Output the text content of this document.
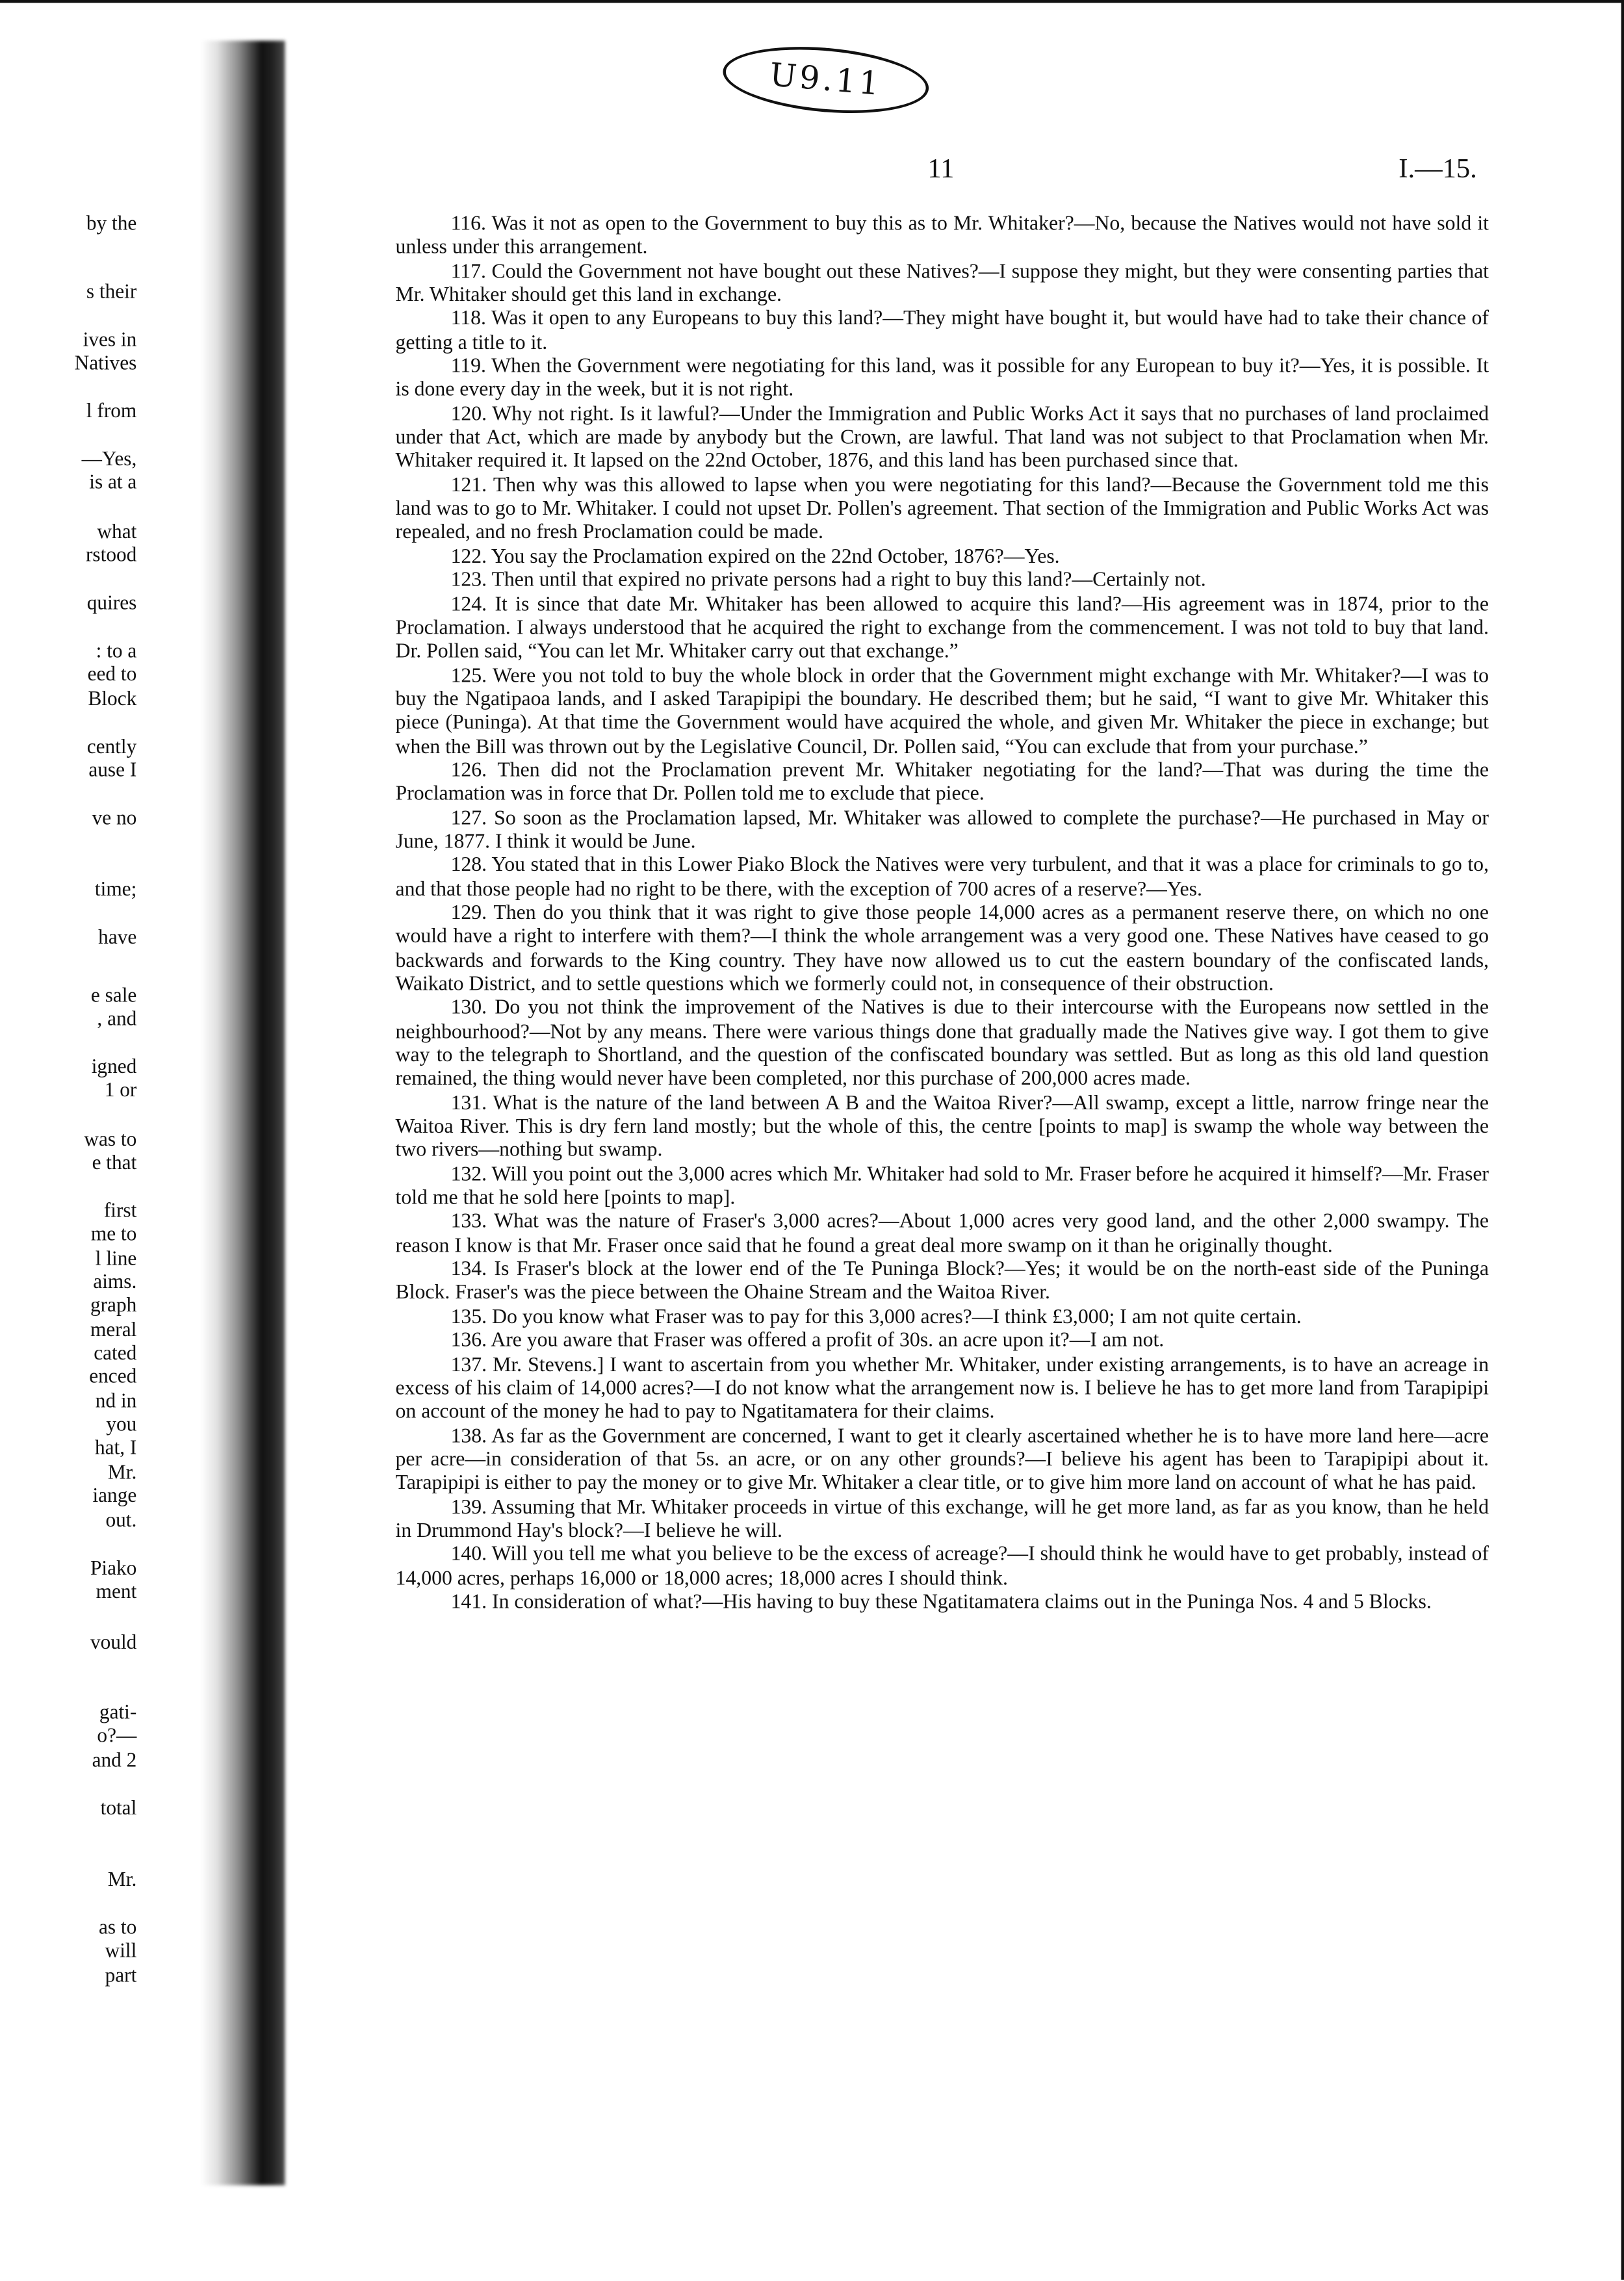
by the
s their
ives in
Natives
l from
—Yes,
is at a
what
rstood
quires
: to a
eed to
Block
cently
ause I
ve no
time;
have
e sale
, and
igned
1 or
was to
e that
first
me to
l line
aims.
graph
meral
cated
enced
nd in
you
hat, I
Mr.
iange
out.
Piako
ment
vould
gati-
o?—
and 2
total
Mr.
as to
will
part
U9.11
11	I.—15.

116. Was it not as open to the Government to buy this as to Mr. Whitaker?—No, because the Natives would not have sold it unless under this arrangement.

117. Could the Government not have bought out these Natives?—I suppose they might, but they were consenting parties that Mr. Whitaker should get this land in exchange.

118. Was it open to any Europeans to buy this land?—They might have bought it, but would have had to take their chance of getting a title to it.

119. When the Government were negotiating for this land, was it possible for any European to buy it?—Yes, it is possible. It is done every day in the week, but it is not right.

120. Why not right. Is it lawful?—Under the Immigration and Public Works Act it says that no purchases of land proclaimed under that Act, which are made by anybody but the Crown, are lawful. That land was not subject to that Proclamation when Mr. Whitaker required it. It lapsed on the 22nd October, 1876, and this land has been purchased since that.

121. Then why was this allowed to lapse when you were negotiating for this land?—Because the Government told me this land was to go to Mr. Whitaker. I could not upset Dr. Pollen's agreement. That section of the Immigration and Public Works Act was repealed, and no fresh Proclamation could be made.

122. You say the Proclamation expired on the 22nd October, 1876?—Yes.

123. Then until that expired no private persons had a right to buy this land?—Certainly not.

124. It is since that date Mr. Whitaker has been allowed to acquire this land?—His agreement was in 1874, prior to the Proclamation. I always understood that he acquired the right to exchange from the commencement. I was not told to buy that land. Dr. Pollen said, “You can let Mr. Whitaker carry out that exchange.”

125. Were you not told to buy the whole block in order that the Government might exchange with Mr. Whitaker?—I was to buy the Ngatipaoa lands, and I asked Tarapipipi the boundary. He described them; but he said, “I want to give Mr. Whitaker this piece (Puninga). At that time the Government would have acquired the whole, and given Mr. Whitaker the piece in exchange; but when the Bill was thrown out by the Legislative Council, Dr. Pollen said, “You can exclude that from your purchase.”

126. Then did not the Proclamation prevent Mr. Whitaker negotiating for the land?—That was during the time the Proclamation was in force that Dr. Pollen told me to exclude that piece.

127. So soon as the Proclamation lapsed, Mr. Whitaker was allowed to complete the purchase?—He purchased in May or June, 1877. I think it would be June.

128. You stated that in this Lower Piako Block the Natives were very turbulent, and that it was a place for criminals to go to, and that those people had no right to be there, with the exception of 700 acres of a reserve?—Yes.

129. Then do you think that it was right to give those people 14,000 acres as a permanent reserve there, on which no one would have a right to interfere with them?—I think the whole arrangement was a very good one. These Natives have ceased to go backwards and forwards to the King country. They have now allowed us to cut the eastern boundary of the confiscated lands, Waikato District, and to settle questions which we formerly could not, in consequence of their obstruction.

130. Do you not think the improvement of the Natives is due to their intercourse with the Europeans now settled in the neighbourhood?—Not by any means. There were various things done that gradually made the Natives give way. I got them to give way to the telegraph to Shortland, and the question of the confiscated boundary was settled. But as long as this old land question remained, the thing would never have been completed, nor this purchase of 200,000 acres made.

131. What is the nature of the land between A B and the Waitoa River?—All swamp, except a little, narrow fringe near the Waitoa River. This is dry fern land mostly; but the whole of this, the centre [points to map] is swamp the whole way between the two rivers—nothing but swamp.

132. Will you point out the 3,000 acres which Mr. Whitaker had sold to Mr. Fraser before he acquired it himself?—Mr. Fraser told me that he sold here [points to map].

133. What was the nature of Fraser's 3,000 acres?—About 1,000 acres very good land, and the other 2,000 swampy. The reason I know is that Mr. Fraser once said that he found a great deal more swamp on it than he originally thought.

134. Is Fraser's block at the lower end of the Te Puninga Block?—Yes; it would be on the north-east side of the Puninga Block. Fraser's was the piece between the Ohaine Stream and the Waitoa River.

135. Do you know what Fraser was to pay for this 3,000 acres?—I think £3,000; I am not quite certain.

136. Are you aware that Fraser was offered a profit of 30s. an acre upon it?—I am not.

137. Mr. Stevens.] I want to ascertain from you whether Mr. Whitaker, under existing arrangements, is to have an acreage in excess of his claim of 14,000 acres?—I do not know what the arrangement now is. I believe he has to get more land from Tarapipipi on account of the money he had to pay to Ngatitamatera for their claims.

138. As far as the Government are concerned, I want to get it clearly ascertained whether he is to have more land here—acre per acre—in consideration of that 5s. an acre, or on any other grounds?—I believe his agent has been to Tarapipipi about it. Tarapipipi is either to pay the money or to give Mr. Whitaker a clear title, or to give him more land on account of what he has paid.

139. Assuming that Mr. Whitaker proceeds in virtue of this exchange, will he get more land, as far as you know, than he held in Drummond Hay's block?—I believe he will.

140. Will you tell me what you believe to be the excess of acreage?—I should think he would have to get probably, instead of 14,000 acres, perhaps 16,000 or 18,000 acres; 18,000 acres I should think.

141. In consideration of what?—His having to buy these Ngatitamatera claims out in the Puninga Nos. 4 and 5 Blocks.
